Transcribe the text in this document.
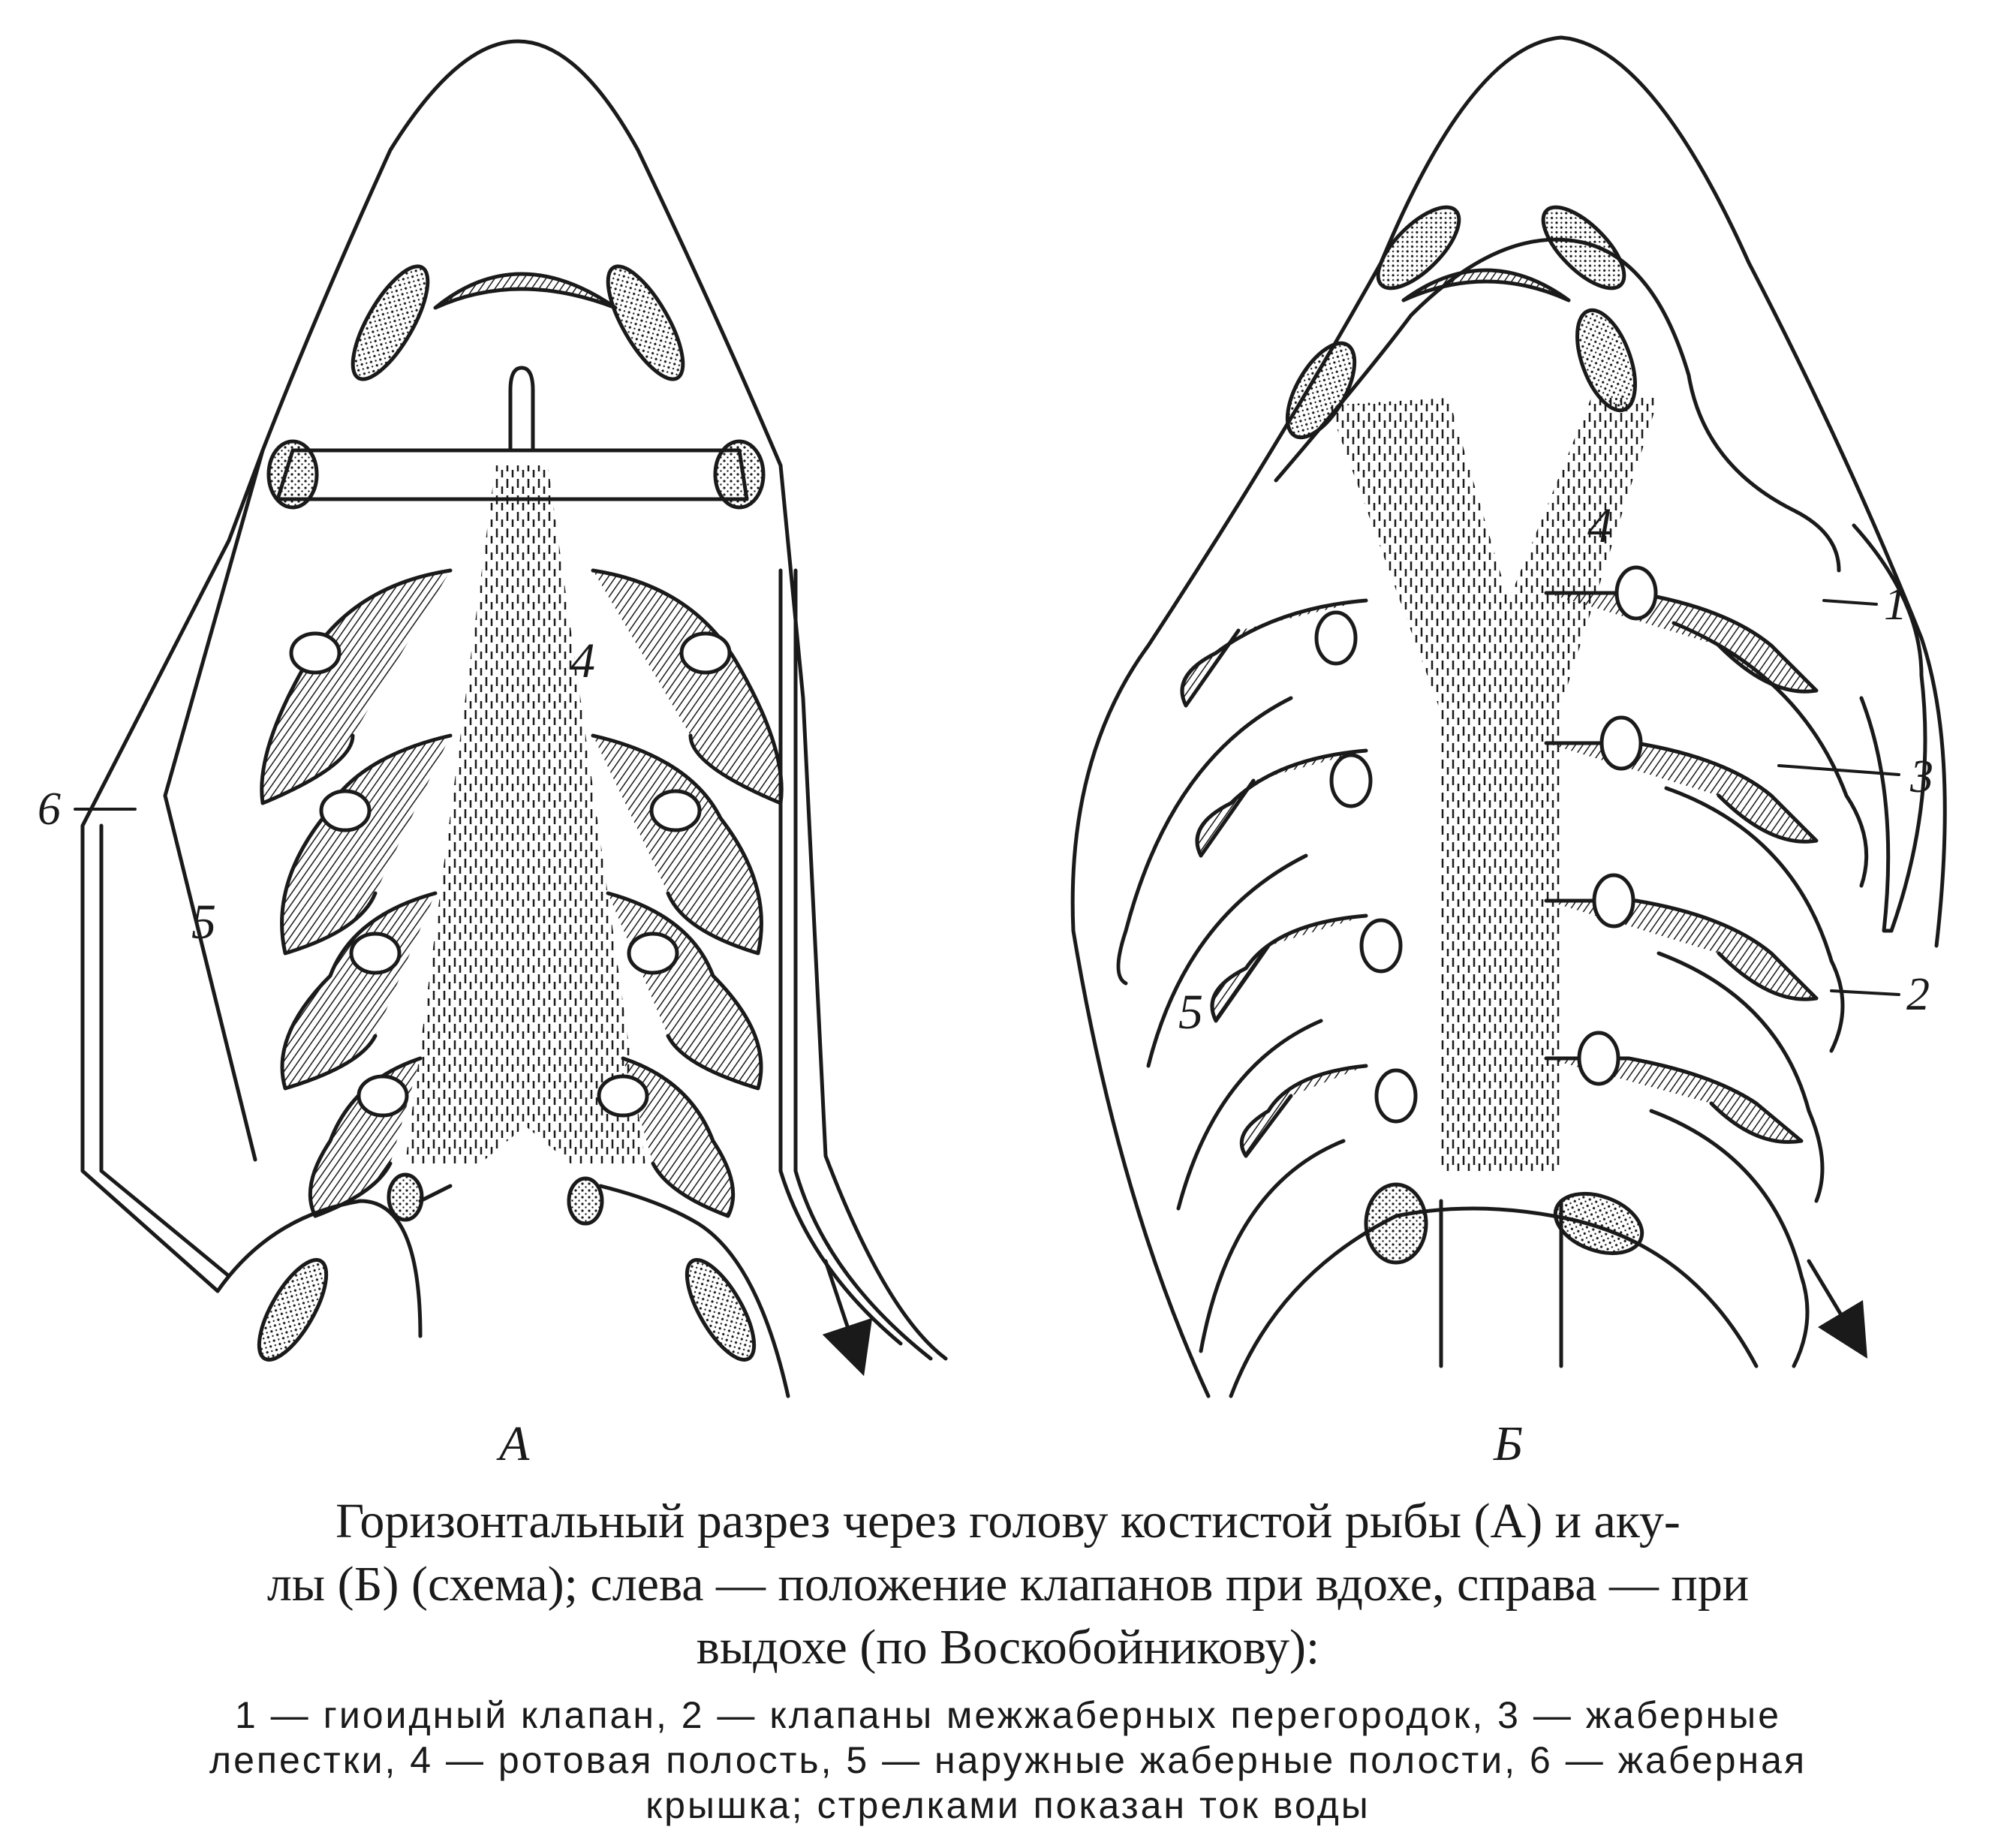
А
6
4
5
Б
1
3
2
4
5
Горизонтальный разрез через голову костистой рыбы (А) и аку-
лы (Б) (схема); слева — положение клапанов при вдохе, справа — при
выдохе (по Воскобойникову):
1 — гиоидный клапан, 2 — клапаны межжаберных перегородок, 3 — жаберные
лепестки, 4 — ротовая полость, 5 — наружные жаберные полости, 6 — жаберная
крышка; стрелками показан ток воды
